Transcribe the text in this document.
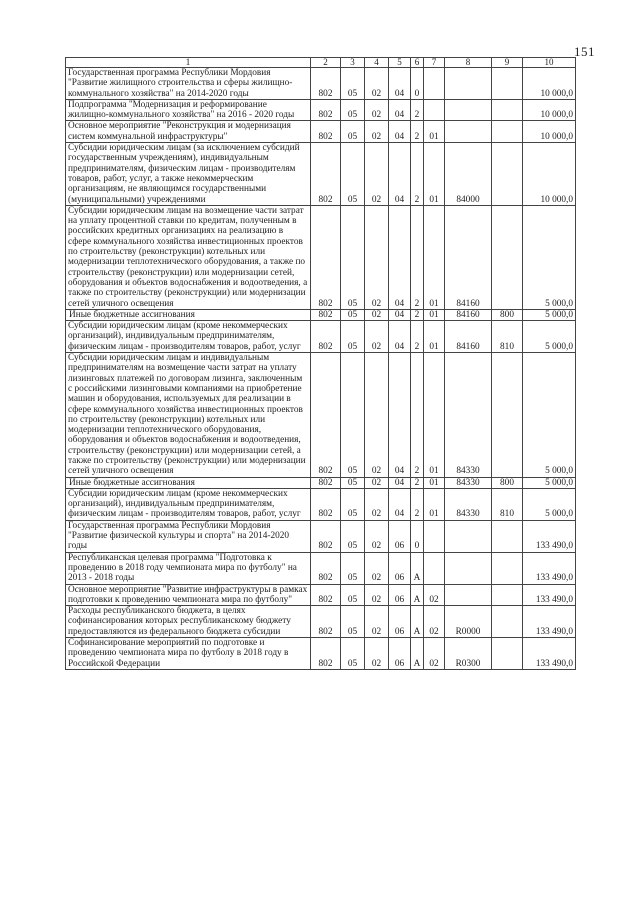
151
1	2	3	4	5	6	7	8	9	10
Государственная программа Республики Мордовия "Развитие жилищного строительства и сферы жилищно-коммунального хозяйства" на 2014-2020 годы	802	05	02	04	0				10 000,0
Подпрограмма "Модернизация и реформирование жилищно-коммунального хозяйства" на 2016 - 2020 годы	802	05	02	04	2				10 000,0
Основное мероприятие "Реконструкция и модернизация систем коммунальной инфраструктуры"	802	05	02	04	2	01			10 000,0
Субсидии юридическим лицам (за исключением субсидий государственным учреждениям), индивидуальным предпринимателям, физическим лицам - производителям товаров, работ, услуг, а также некоммерческим организациям, не являющимся государственными (муниципальными) учреждениями	802	05	02	04	2	01	84000		10 000,0
Субсидии юридическим лицам на возмещение части затрат на уплату процентной ставки по кредитам, полученным в российских кредитных организациях на реализацию в сфере коммунального хозяйства инвестиционных проектов по строительству (реконструкции) котельных или модернизации теплотехнического оборудования, а также по строительству (реконструкции) или модернизации сетей, оборудования и объектов водоснабжения и водоотведения, а также по строительству (реконструкции) или модернизации сетей уличного освещения	802	05	02	04	2	01	84160		5 000,0
Иные бюджетные ассигнования	802	05	02	04	2	01	84160	800	5 000,0
Субсидии юридическим лицам (кроме некоммерческих организаций), индивидуальным предпринимателям, физическим лицам - производителям товаров, работ, услуг	802	05	02	04	2	01	84160	810	5 000,0
Субсидии юридическим лицам и индивидуальным предпринимателям на возмещение части затрат на уплату лизинговых платежей по договорам лизинга, заключенным с российскими лизинговыми компаниями на приобретение машин и оборудования, используемых для реализации в сфере коммунального хозяйства инвестиционных проектов по строительству (реконструкции) котельных или модернизации теплотехнического оборудования, оборудования и объектов водоснабжения и водоотведения, строительству (реконструкции) или модернизации сетей, а также по строительству (реконструкции) или модернизации сетей уличного освещения	802	05	02	04	2	01	84330		5 000,0
Иные бюджетные ассигнования	802	05	02	04	2	01	84330	800	5 000,0
Субсидии юридическим лицам (кроме некоммерческих организаций), индивидуальным предпринимателям, физическим лицам - производителям товаров, работ, услуг	802	05	02	04	2	01	84330	810	5 000,0
Государственная программа Республики Мордовия "Развитие физической культуры и спорта" на 2014-2020 годы	802	05	02	06	0				133 490,0
Республиканская целевая программа "Подготовка к проведению в 2018 году чемпионата мира по футболу" на 2013 - 2018 годы	802	05	02	06	А				133 490,0
Основное мероприятие "Развитие инфраструктуры в рамках подготовки к проведению чемпионата мира по футболу"	802	05	02	06	А	02			133 490,0
Расходы республиканского бюджета, в целях софинансирования которых республиканскому бюджету предоставляются из федерального бюджета субсидии	802	05	02	06	А	02	R0000		133 490,0
Софинансирование мероприятий по подготовке и проведению чемпионата мира по футболу в 2018 году в Российской Федерации	802	05	02	06	А	02	R0300		133 490,0
